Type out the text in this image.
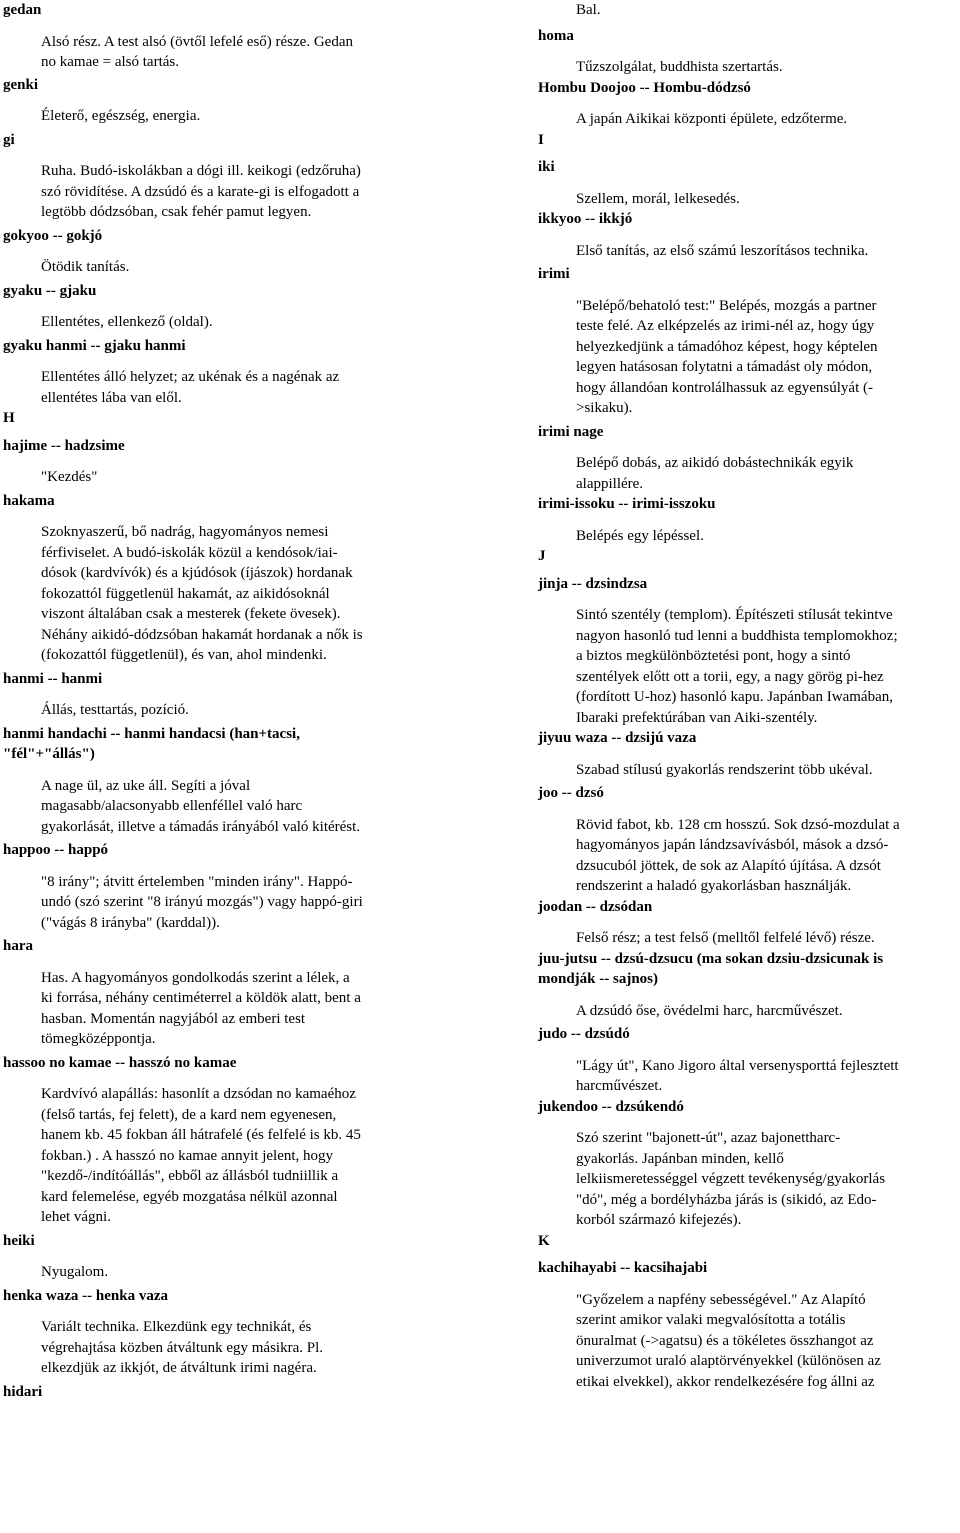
gedan

Alsó rész. A test alsó (övtől lefelé eső) része. Gedan
no kamae = alsó tartás.

genki

Életerő, egészség, energia.

gi

Ruha. Budó-iskolákban a dógi ill. keikogi (edzőruha)
szó rövidítése. A dzsúdó és a karate-gi is elfogadott a
legtöbb dódzsóban, csak fehér pamut legyen.

gokyoo -- gokjó

Ötödik tanítás.

gyaku -- gjaku

Ellentétes, ellenkező (oldal).

gyaku hanmi -- gjaku hanmi

Ellentétes álló helyzet; az ukénak és a nagénak az
ellentétes lába van elől.

H

hajime -- hadzsime

"Kezdés"

hakama

Szoknyaszerű, bő nadrág, hagyományos nemesi
férfiviselet. A budó-iskolák közül a kendósok/iai-
dósok (kardvívók) és a kjúdósok (íjászok) hordanak
fokozattól függetlenül hakamát, az aikidósoknál
viszont általában csak a mesterek (fekete övesek).
Néhány aikidó-dódzsóban hakamát hordanak a nők is
(fokozattól függetlenül), és van, ahol mindenki.

hanmi -- hanmi

Állás, testtartás, pozíció.

hanmi handachi -- hanmi handacsi (han+tacsi,
"fél"+"állás")

A nage ül, az uke áll. Segíti a jóval
magasabb/alacsonyabb ellenféllel való harc
gyakorlását, illetve a támadás irányából való kitérést.

happoo -- happó

"8 irány"; átvitt értelemben "minden irány". Happó-
undó (szó szerint "8 irányú mozgás") vagy happó-giri
("vágás 8 irányba" (karddal)).

hara

Has. A hagyományos gondolkodás szerint a lélek, a
ki forrása, néhány centiméterrel a köldök alatt, bent a
hasban. Momentán nagyjából az emberi test
tömegközéppontja.

hassoo no kamae -- hasszó no kamae

Kardvívó alapállás: hasonlít a dzsódan no kamaéhoz
(felső tartás, fej felett), de a kard nem egyenesen,
hanem kb. 45 fokban áll hátrafelé (és felfelé is kb. 45
fokban.) . A hasszó no kamae annyit jelent, hogy
"kezdő-/indítóállás", ebből az állásból tudniillik a
kard felemelése, egyéb mozgatása nélkül azonnal
lehet vágni.

heiki

Nyugalom.

henka waza -- henka vaza

Variált technika. Elkezdünk egy technikát, és
végrehajtása közben átváltunk egy másikra. Pl.
elkezdjük az ikkjót, de átváltunk irimi nagéra.

hidari

Bal.

homa

Tűzszolgálat, buddhista szertartás.

Hombu Doojoo -- Hombu-dódzsó

A japán Aikikai központi épülete, edzőterme.

I

iki

Szellem, morál, lelkesedés.

ikkyoo -- ikkjó

Első tanítás, az első számú leszorításos technika.

irimi

"Belépő/behatoló test:" Belépés, mozgás a partner
teste felé. Az elképzelés az irimi-nél az, hogy úgy
helyezkedjünk a támadóhoz képest, hogy képtelen
legyen hatásosan folytatni a támadást oly módon,
hogy állandóan kontrolálhassuk az egyensúlyát (-
>sikaku).

irimi nage

Belépő dobás, az aikidó dobástechnikák egyik
alappillére.

irimi-issoku -- irimi-isszoku

Belépés egy lépéssel.

J

jinja -- dzsindzsa

Sintó szentély (templom). Építészeti stílusát tekintve
nagyon hasonló tud lenni a buddhista templomokhoz;
a biztos megkülönböztetési pont, hogy a sintó
szentélyek előtt ott a torii, egy, a nagy görög pi-hez
(fordított U-hoz) hasonló kapu. Japánban Iwamában,
Ibaraki prefektúrában van Aiki-szentély.

jiyuu waza -- dzsijú vaza

Szabad stílusú gyakorlás rendszerint több ukéval.

joo -- dzsó

Rövid fabot, kb. 128 cm hosszú. Sok dzsó-mozdulat a
hagyományos japán lándzsavívásból, mások a dzsó-
dzsucuból jöttek, de sok az Alapító újítása. A dzsót
rendszerint a haladó gyakorlásban használják.

joodan -- dzsódan

Felső rész; a test felső (melltől felfelé lévő) része.

juu-jutsu -- dzsú-dzsucu (ma sokan dzsiu-dzsicunak is
mondják -- sajnos)

A dzsúdó őse, övédelmi harc, harcművészet.

judo -- dzsúdó

"Lágy út", Kano Jigoro által versenysporttá fejlesztett
harcművészet.

jukendoo -- dzsúkendó

Szó szerint "bajonett-út", azaz bajonettharc-
gyakorlás. Japánban minden, kellő
lelkiismeretességgel végzett tevékenység/gyakorlás
"dó", még a bordélyházba járás is (sikidó, az Edo-
korból származó kifejezés).

K

kachihayabi -- kacsihajabi

"Győzelem a napfény sebességével." Az Alapító
szerint amikor valaki megvalósította a totális
önuralmat (->agatsu) és a tökéletes összhangot az
univerzumot uraló alaptörvényekkel (különösen az
etikai elvekkel), akkor rendelkezésére fog állni az
